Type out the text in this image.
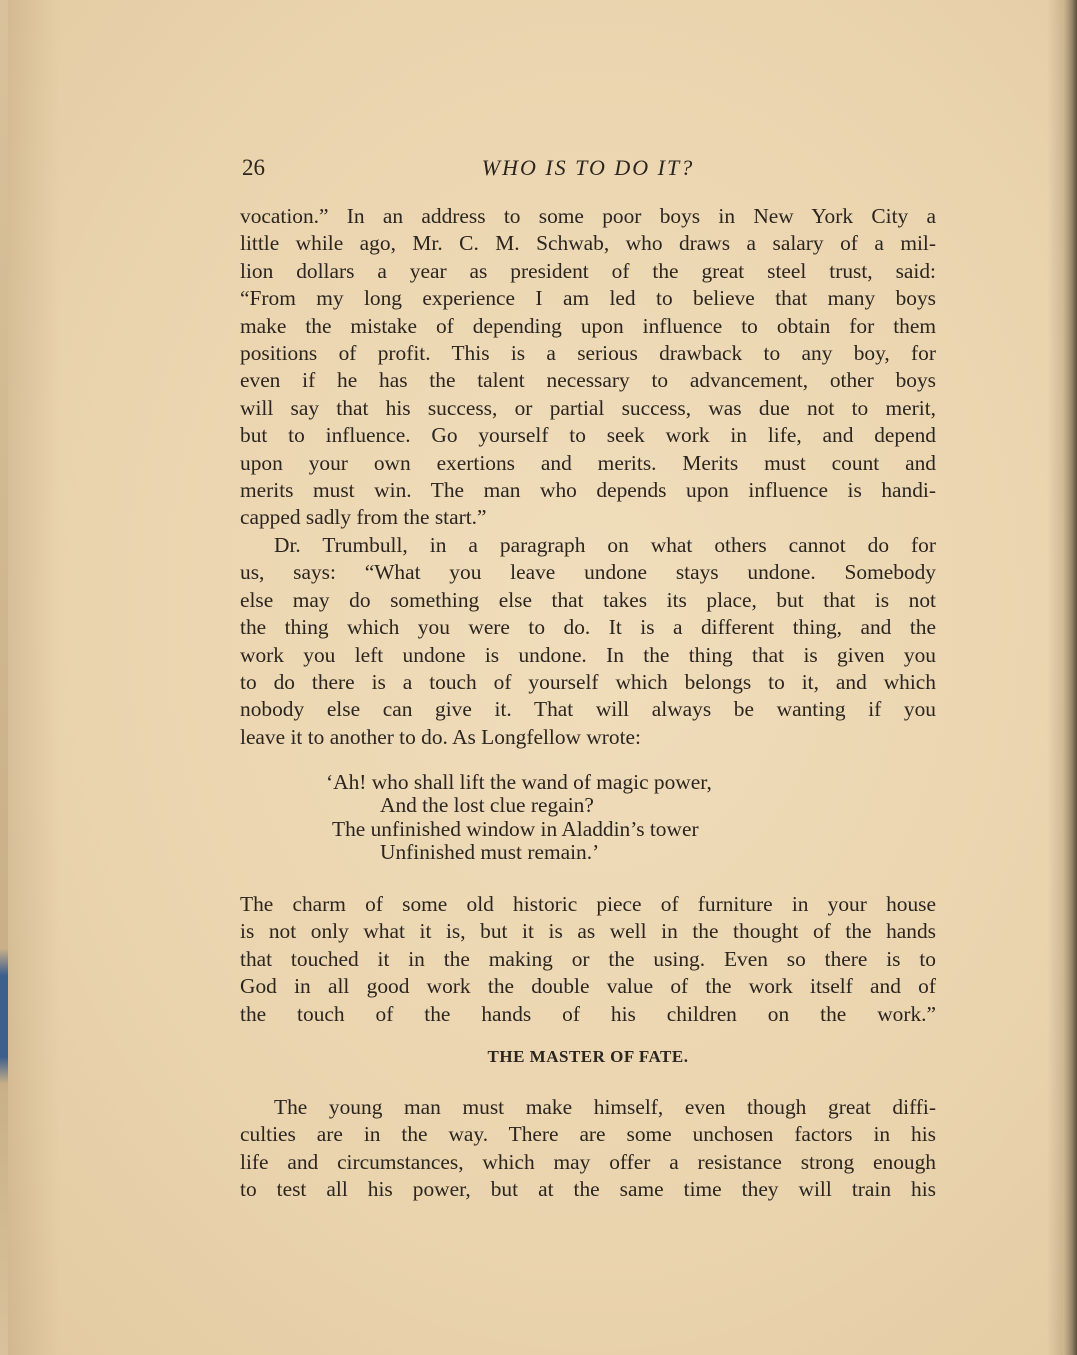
26	WHO IS TO DO IT?
vocation.” In an address to some poor boys in New York City a
little while ago, Mr. C. M. Schwab, who draws a salary of a mil-
lion dollars a year as president of the great steel trust, said:
“From my long experience I am led to believe that many boys
make the mistake of depending upon influence to obtain for them
positions of profit. This is a serious drawback to any boy, for
even if he has the talent necessary to advancement, other boys
will say that his success, or partial success, was due not to merit,
but to influence. Go yourself to seek work in life, and depend
upon your own exertions and merits. Merits must count and
merits must win. The man who depends upon influence is handi-
capped sadly from the start.”
Dr. Trumbull, in a paragraph on what others cannot do for
us, says: “What you leave undone stays undone. Somebody
else may do something else that takes its place, but that is not
the thing which you were to do. It is a different thing, and the
work you left undone is undone. In the thing that is given you
to do there is a touch of yourself which belongs to it, and which
nobody else can give it. That will always be wanting if you
leave it to another to do. As Longfellow wrote:
‘Ah! who shall lift the wand of magic power,
And the lost clue regain?
The unfinished window in Aladdin’s tower
Unfinished must remain.’
The charm of some old historic piece of furniture in your house
is not only what it is, but it is as well in the thought of the hands
that touched it in the making or the using. Even so there is to
God in all good work the double value of the work itself and of
the touch of the hands of his children on the work.”
THE MASTER OF FATE.
The young man must make himself, even though great diffi-
culties are in the way. There are some unchosen factors in his
life and circumstances, which may offer a resistance strong enough
to test all his power, but at the same time they will train his
